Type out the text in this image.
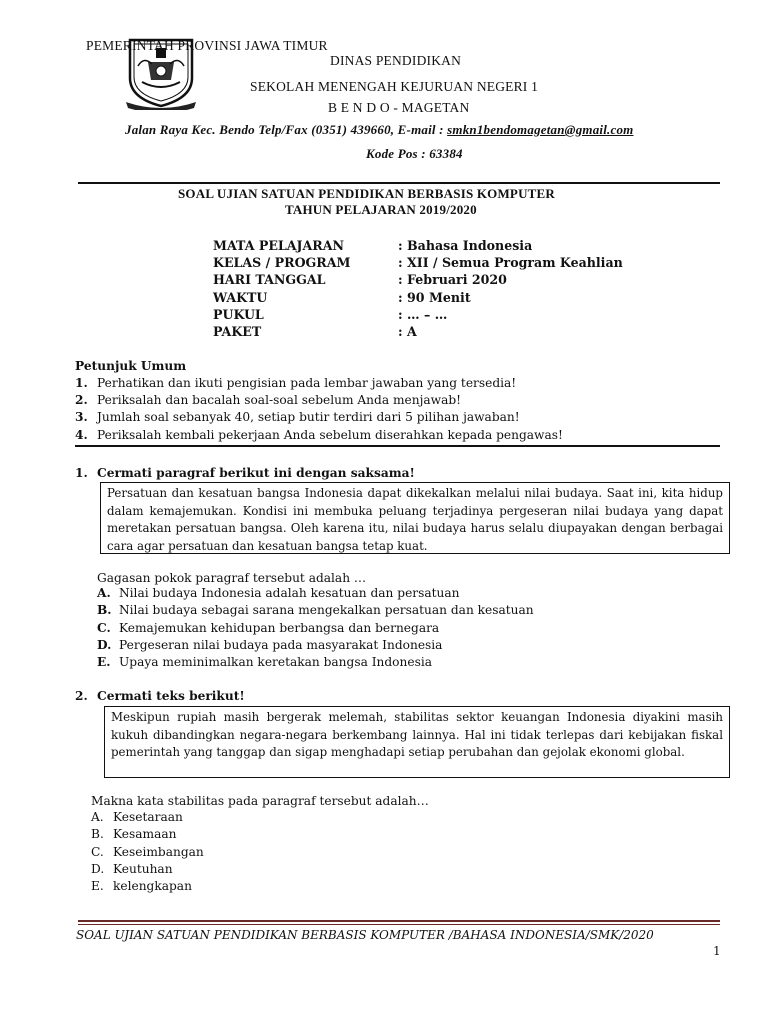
PEMERINTAH PROVINSI JAWA TIMUR
DINAS PENDIDIKAN
SEKOLAH MENENGAH KEJURUAN NEGERI 1
B E N D O - MAGETAN
Jalan Raya Kec. Bendo Telp/Fax (0351) 439660, E-mail : smkn1bendomagetan@gmail.com
Kode Pos : 63384
SOAL UJIAN SATUAN PENDIDIKAN BERBASIS KOMPUTER
TAHUN PELAJARAN 2019/2020
MATA PELAJARAN	: Bahasa Indonesia
KELAS / PROGRAM	: XII / Semua Program Keahlian
HARI TANGGAL	: Februari 2020
WAKTU	: 90 Menit
PUKUL	: … – …
PAKET	: A
Petunjuk Umum
1. Perhatikan dan ikuti pengisian pada lembar jawaban yang tersedia!
2. Periksalah dan bacalah soal-soal sebelum Anda menjawab!
3. Jumlah soal sebanyak 40, setiap butir terdiri dari 5 pilihan jawaban!
4. Periksalah kembali pekerjaan Anda sebelum diserahkan kepada pengawas!
1. Cermati paragraf berikut ini dengan saksama!

Persatuan dan kesatuan bangsa Indonesia dapat dikekalkan melalui nilai budaya. Saat ini, kita hidup dalam kemajemukan. Kondisi ini membuka peluang terjadinya pergeseran nilai budaya yang dapat meretakan persatuan bangsa. Oleh karena itu, nilai budaya harus selalu diupayakan dengan berbagai cara agar persatuan dan kesatuan bangsa tetap kuat.

Gagasan pokok paragraf tersebut adalah …
A. Nilai budaya Indonesia adalah kesatuan dan persatuan
B. Nilai budaya sebagai sarana mengekalkan persatuan dan kesatuan
C. Kemajemukan kehidupan berbangsa dan bernegara
D. Pergeseran nilai budaya pada masyarakat Indonesia
E. Upaya meminimalkan keretakan bangsa Indonesia
2. Cermati teks berikut!

Meskipun rupiah masih bergerak melemah, stabilitas sektor keuangan Indonesia diyakini masih kukuh dibandingkan negara-negara berkembang lainnya. Hal ini tidak terlepas dari kebijakan fiskal pemerintah yang tanggap dan sigap menghadapi setiap perubahan dan gejolak ekonomi global.

Makna kata stabilitas pada paragraf tersebut adalah…
A. Kesetaraan
B. Kesamaan
C. Keseimbangan
D. Keutuhan
E. kelengkapan
SOAL UJIAN SATUAN PENDIDIKAN BERBASIS KOMPUTER /BAHASA INDONESIA/SMK/2020
1
